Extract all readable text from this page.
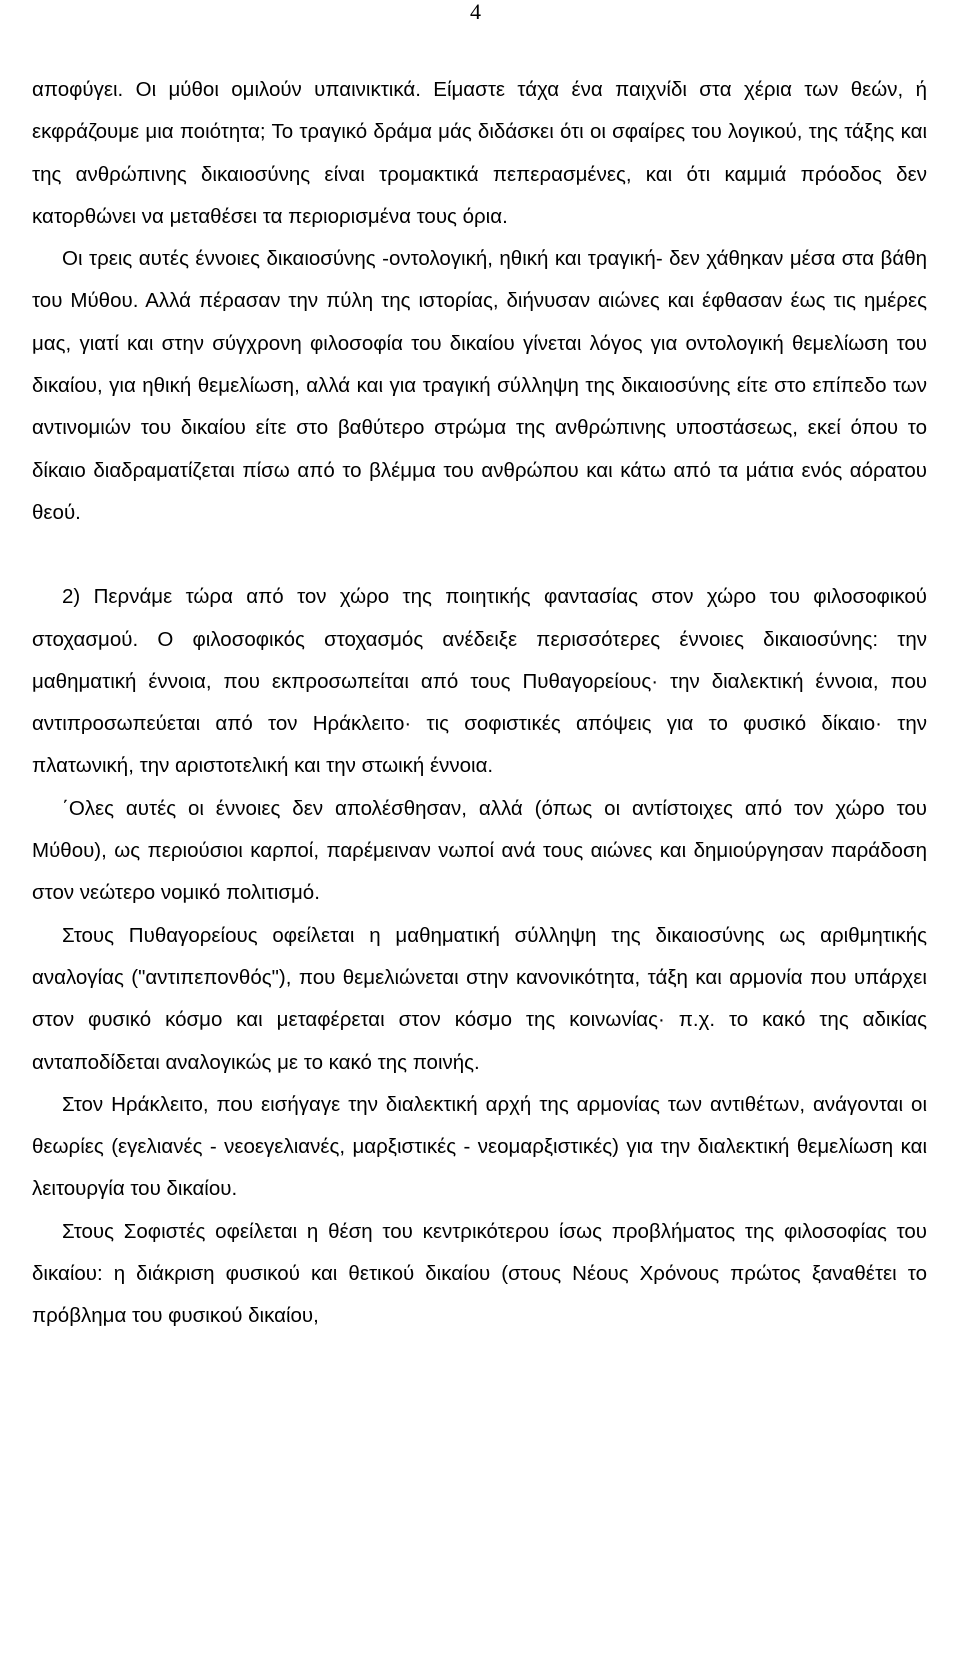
4

αποφύγει. Οι μύθοι ομιλούν υπαινικτικά. Είμαστε τάχα ένα παιχνίδι στα χέρια των θεών, ή εκφράζουμε μια ποιότητα; Το τραγικό δράμα μάς διδάσκει ότι οι σφαίρες του λογικού, της τάξης και της ανθρώπινης δικαιοσύνης είναι τρομακτικά πεπερασμένες, και ότι καμμιά πρόοδος δεν κατορθώνει να μεταθέσει τα περιορισμένα τους όρια.

Οι τρεις αυτές έννοιες δικαιοσύνης -οντολογική, ηθική και τραγική- δεν χάθηκαν μέσα στα βάθη του Μύθου. Αλλά πέρασαν την πύλη της ιστορίας, διήνυσαν αιώνες και έφθασαν έως τις ημέρες μας, γιατί και στην σύγχρονη φιλοσοφία του δικαίου γίνεται λόγος για οντολογική θεμελίωση του δικαίου, για ηθική θεμελίωση, αλλά και για τραγική σύλληψη της δικαιοσύνης είτε στο επίπεδο των αντινομιών του δικαίου είτε στο βαθύτερο στρώμα της ανθρώπινης υποστάσεως, εκεί όπου το δίκαιο διαδραματίζεται πίσω από το βλέμμα του ανθρώπου και κάτω από τα μάτια ενός αόρατου θεού.

2) Περνάμε τώρα από τον χώρο της ποιητικής φαντασίας στον χώρο του φιλοσοφικού στοχασμού. Ο φιλοσοφικός στοχασμός ανέδειξε περισσότερες έννοιες δικαιοσύνης: την μαθηματική έννοια, που εκπροσωπείται από τους Πυθαγορείους· την διαλεκτική έννοια, που αντιπροσωπεύεται από τον Ηράκλειτο· τις σοφιστικές απόψεις για το φυσικό δίκαιο· την πλατωνική, την αριστοτελική και την στωική έννοια.

΄Ολες αυτές οι έννοιες δεν απολέσθησαν, αλλά (όπως οι αντίστοιχες από τον χώρο του Μύθου), ως περιούσιοι καρποί, παρέμειναν νωποί ανά τους αιώνες και δημιούργησαν παράδοση στον νεώτερο νομικό πολιτισμό.

Στους Πυθαγορείους οφείλεται η μαθηματική σύλληψη της δικαιοσύνης ως αριθμητικής αναλογίας ("αντιπεπονθός"), που θεμελιώνεται στην κανονικότητα, τάξη και αρμονία που υπάρχει στον φυσικό κόσμο και μεταφέρεται στον κόσμο της κοινωνίας· π.χ. το κακό της αδικίας ανταποδίδεται αναλογικώς με το κακό της ποινής.

Στον Ηράκλειτο, που εισήγαγε την διαλεκτική αρχή της αρμονίας των αντιθέτων, ανάγονται οι θεωρίες (εγελιανές - νεοεγελιανές, μαρξιστικές - νεομαρξιστικές) για την διαλεκτική θεμελίωση και λειτουργία του δικαίου.

Στους Σοφιστές οφείλεται η θέση του κεντρικότερου ίσως προβλήματος της φιλοσοφίας του δικαίου: η διάκριση φυσικού και θετικού δικαίου (στους Νέους Χρόνους πρώτος ξαναθέτει το πρόβλημα του φυσικού δικαίου,
